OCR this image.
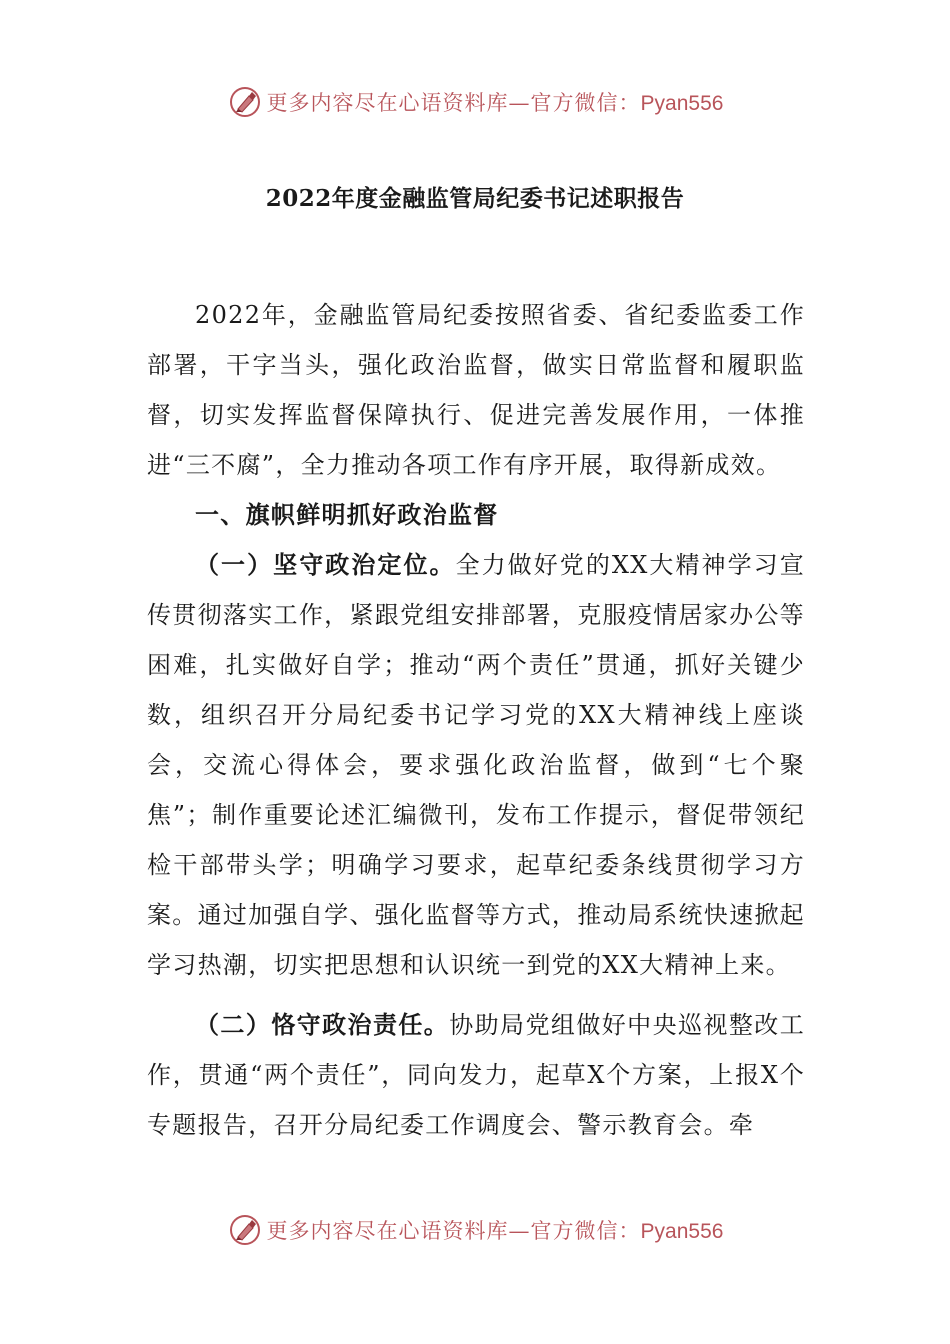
更多内容尽在心语资料库—官方微信：Pyan556
2022年度金融监管局纪委书记述职报告

2022年，金融监管局纪委按照省委、省纪委监委工作部署，干字当头，强化政治监督，做实日常监督和履职监督，切实发挥监督保障执行、促进完善发展作用，一体推进“三不腐”，全力推动各项工作有序开展，取得新成效。

一、旗帜鲜明抓好政治监督

（一）坚守政治定位。全力做好党的XX大精神学习宣传贯彻落实工作，紧跟党组安排部署，克服疫情居家办公等困难，扎实做好自学；推动“两个责任”贯通，抓好关键少数，组织召开分局纪委书记学习党的XX大精神线上座谈会，交流心得体会，要求强化政治监督，做到“七个聚焦”；制作重要论述汇编微刊，发布工作提示，督促带领纪检干部带头学；明确学习要求，起草纪委条线贯彻学习方案。通过加强自学、强化监督等方式，推动局系统快速掀起学习热潮，切实把思想和认识统一到党的XX大精神上来。

（二）恪守政治责任。协助局党组做好中央巡视整改工作，贯通“两个责任”，同向发力，起草X个方案，上报X个专题报告，召开分局纪委工作调度会、警示教育会。牵

更多内容尽在心语资料库—官方微信：Pyan556
